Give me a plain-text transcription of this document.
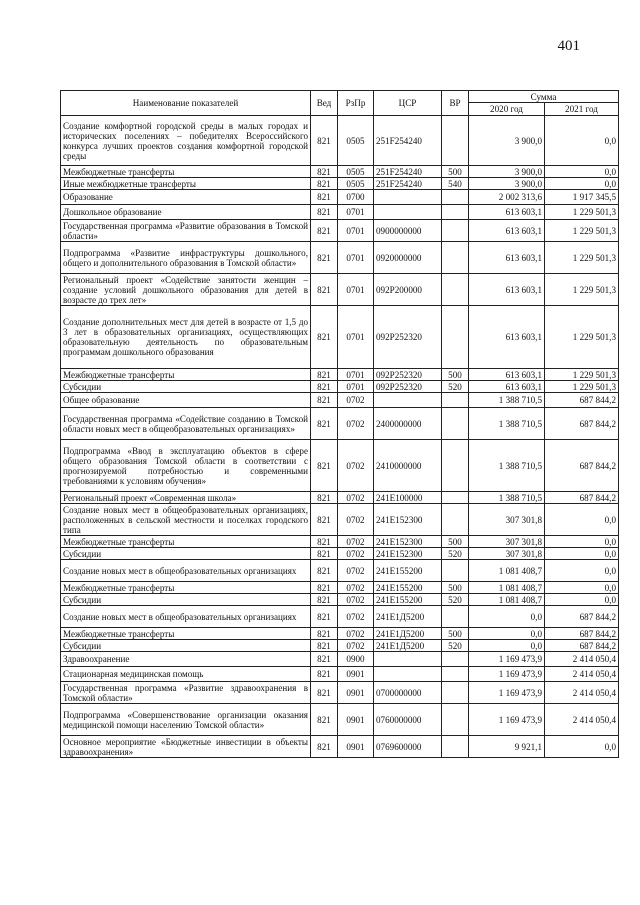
401
Наименование показателей	Вед	РзПр	ЦСР	ВР	Сумма	
					2020 год	2021 год
Создание комфортной городской среды в малых городах и исторических поселениях – победителях Всероссийского конкурса лучших проектов создания комфортной городской среды	821	0505	251F254240		3 900,0	0,0
Межбюджетные трансферты	821	0505	251F254240	500	3 900,0	0,0
Иные межбюджетные трансферты	821	0505	251F254240	540	3 900,0	0,0
Образование	821	0700			2 002 313,6	1 917 345,5
Дошкольное образование	821	0701			613 603,1	1 229 501,3
Государственная программа «Развитие образования в Томской области»	821	0701	0900000000		613 603,1	1 229 501,3
Подпрограмма «Развитие инфраструктуры дошкольного, общего и дополнительного образования в Томской области»	821	0701	0920000000		613 603,1	1 229 501,3
Региональный проект «Содействие занятости женщин – создание условий дошкольного образования для детей в возрасте до трех лет»	821	0701	092P200000		613 603,1	1 229 501,3
Создание дополнительных мест для детей в возрасте от 1,5 до 3 лет в образовательных организациях, осуществляющих образовательную деятельность по образовательным программам дошкольного образования	821	0701	092P252320		613 603,1	1 229 501,3
Межбюджетные трансферты	821	0701	092P252320	500	613 603,1	1 229 501,3
Субсидии	821	0701	092P252320	520	613 603,1	1 229 501,3
Общее образование	821	0702			1 388 710,5	687 844,2
Государственная программа «Содействие созданию в Томской области новых мест в общеобразовательных организациях»	821	0702	2400000000		1 388 710,5	687 844,2
Подпрограмма «Ввод в эксплуатацию объектов в сфере общего образования Томской области в соответствии с прогнозируемой потребностью и современными требованиями к условиям обучения»	821	0702	2410000000		1 388 710,5	687 844,2
Региональный проект «Современная школа»	821	0702	241E100000		1 388 710,5	687 844,2
Создание новых мест в общеобразовательных организациях, расположенных в сельской местности и поселках городского типа	821	0702	241E152300		307 301,8	0,0
Межбюджетные трансферты	821	0702	241E152300	500	307 301,8	0,0
Субсидии	821	0702	241E152300	520	307 301,8	0,0
Создание новых мест в общеобразовательных организациях	821	0702	241E155200		1 081 408,7	0,0
Межбюджетные трансферты	821	0702	241E155200	500	1 081 408,7	0,0
Субсидии	821	0702	241E155200	520	1 081 408,7	0,0
Создание новых мест в общеобразовательных организациях	821	0702	241E1Д5200		0,0	687 844,2
Межбюджетные трансферты	821	0702	241E1Д5200	500	0,0	687 844,2
Субсидии	821	0702	241E1Д5200	520	0,0	687 844,2
Здравоохранение	821	0900			1 169 473,9	2 414 050,4
Стационарная медицинская помощь	821	0901			1 169 473,9	2 414 050,4
Государственная программа «Развитие здравоохранения в Томской области»	821	0901	0700000000		1 169 473,9	2 414 050,4
Подпрограмма «Совершенствование организации оказания медицинской помощи населению Томской области»	821	0901	0760000000		1 169 473,9	2 414 050,4
Основное мероприятие «Бюджетные инвестиции в объекты здравоохранения»	821	0901	0769600000		9 921,1	0,0
